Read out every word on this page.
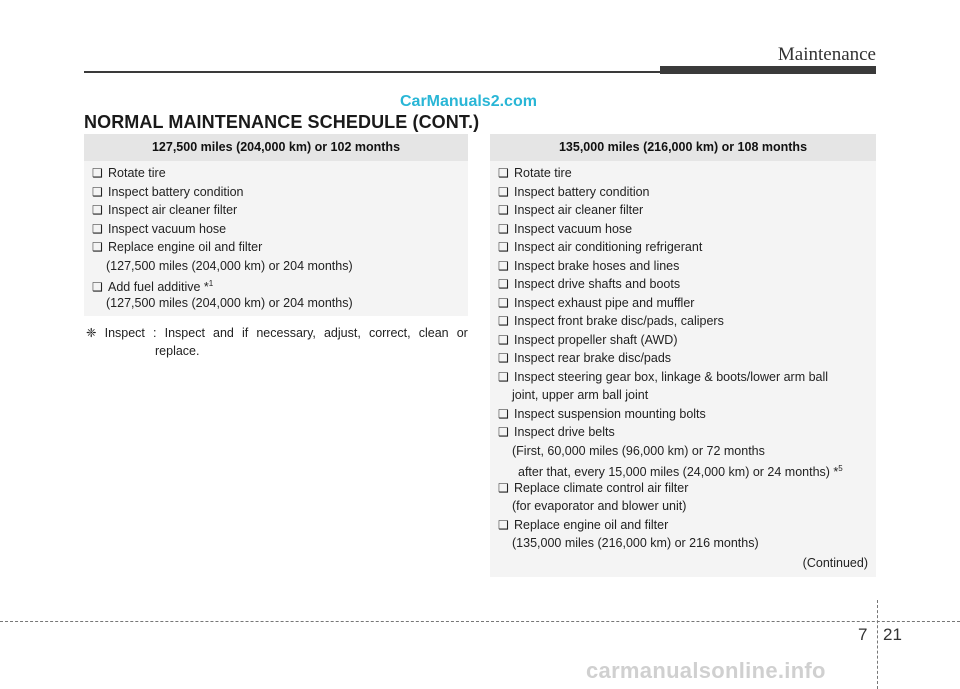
Maintenance
CarManuals2.com
NORMAL MAINTENANCE SCHEDULE (CONT.)
127,500 miles (204,000 km) or 102 months
❑ Rotate tire
❑ Inspect battery condition
❑ Inspect air cleaner filter
❑ Inspect vacuum hose
❑ Replace engine oil and filter
(127,500 miles (204,000 km) or 204 months)
❑ Add fuel additive *$^1$
(127,500 miles (204,000 km) or 204 months)
❈ Inspect : Inspect and if necessary, adjust, correct, clean or
replace.
135,000 miles (216,000 km) or 108 months
❑ Rotate tire
❑ Inspect battery condition
❑ Inspect air cleaner filter
❑ Inspect vacuum hose
❑ Inspect air conditioning refrigerant
❑ Inspect brake hoses and lines
❑ Inspect drive shafts and boots
❑ Inspect exhaust pipe and muffler
❑ Inspect front brake disc/pads, calipers
❑ Inspect propeller shaft (AWD)
❑ Inspect rear brake disc/pads
❑ Inspect steering gear box, linkage & boots/lower arm ball
joint, upper arm ball joint
❑ Inspect suspension mounting bolts
❑ Inspect drive belts
(First, 60,000 miles (96,000 km) or 72 months
after that, every 15,000 miles (24,000 km) or 24 months) *$^5$
❑ Replace climate control air filter
(for evaporator and blower unit)
❑ Replace engine oil and filter
(135,000 miles (216,000 km) or 216 months)
(Continued)
7 21
carmanualsonline.info
